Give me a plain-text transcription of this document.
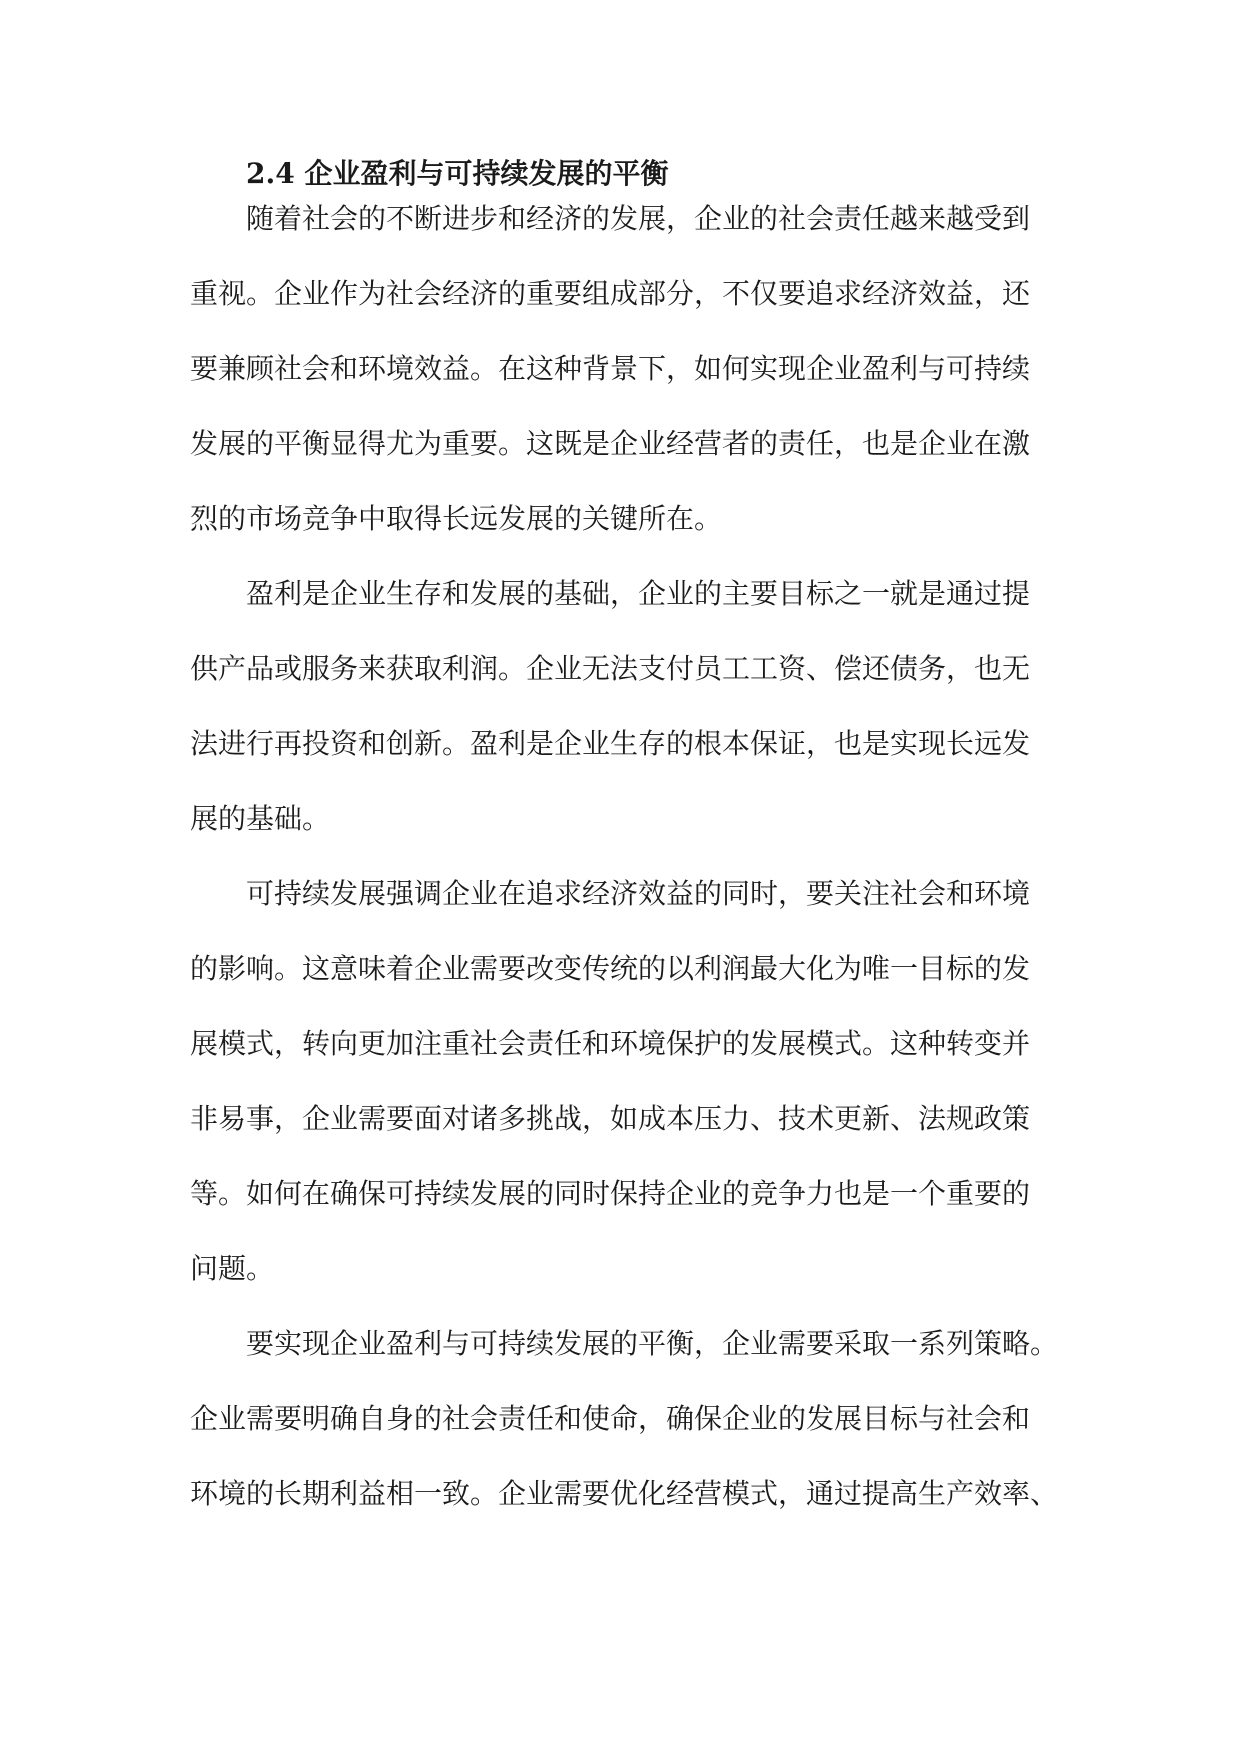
2.4 企业盈利与可持续发展的平衡
随着社会的不断进步和经济的发展，企业的社会责任越来越受到
重视。企业作为社会经济的重要组成部分，不仅要追求经济效益，还
要兼顾社会和环境效益。在这种背景下，如何实现企业盈利与可持续
发展的平衡显得尤为重要。这既是企业经营者的责任，也是企业在激
烈的市场竞争中取得长远发展的关键所在。
盈利是企业生存和发展的基础，企业的主要目标之一就是通过提
供产品或服务来获取利润。企业无法支付员工工资、偿还债务，也无
法进行再投资和创新。盈利是企业生存的根本保证，也是实现长远发
展的基础。
可持续发展强调企业在追求经济效益的同时，要关注社会和环境
的影响。这意味着企业需要改变传统的以利润最大化为唯一目标的发
展模式，转向更加注重社会责任和环境保护的发展模式。这种转变并
非易事，企业需要面对诸多挑战，如成本压力、技术更新、法规政策
等。如何在确保可持续发展的同时保持企业的竞争力也是一个重要的
问题。
要实现企业盈利与可持续发展的平衡，企业需要采取一系列策略。
企业需要明确自身的社会责任和使命，确保企业的发展目标与社会和
环境的长期利益相一致。企业需要优化经营模式，通过提高生产效率、
